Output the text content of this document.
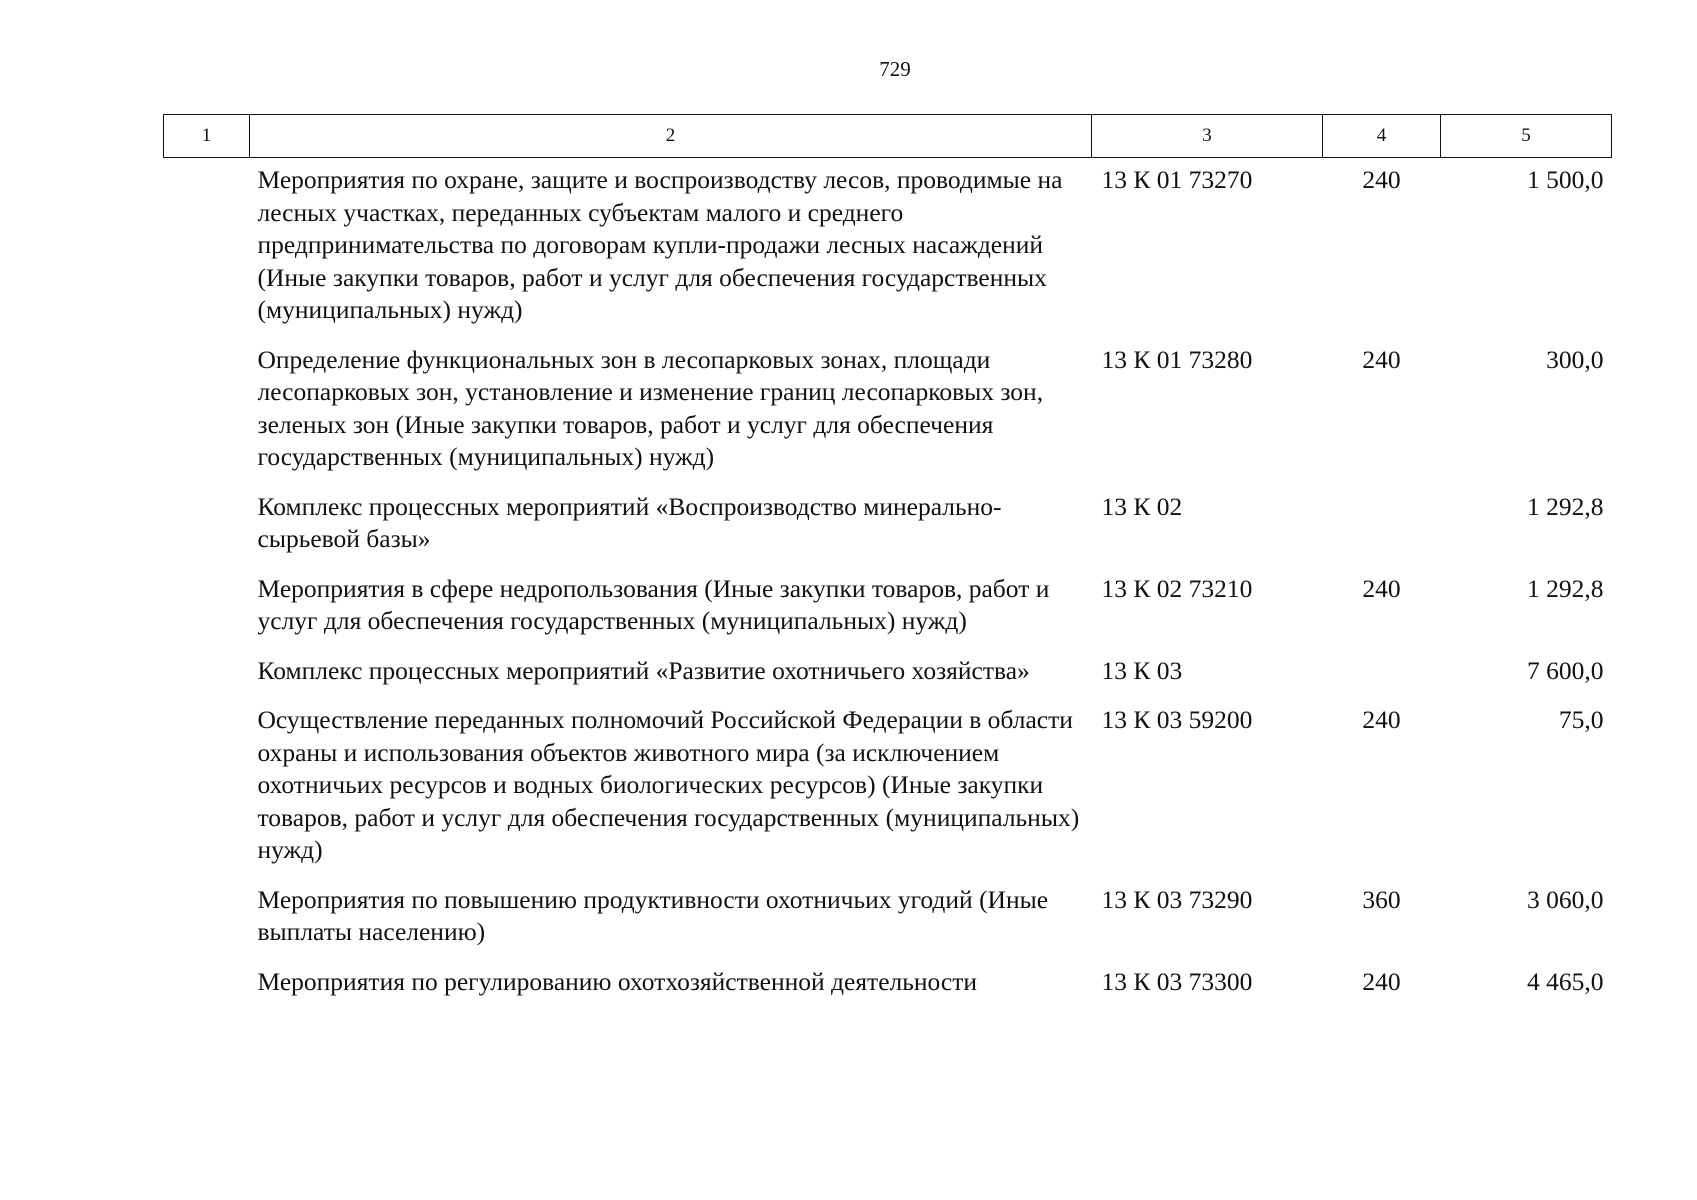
729
1	2	3	4	5
	Мероприятия по охране, защите и воспроизводству лесов, проводимые на лесных участках, переданных субъектам малого и среднего предпринимательства по договорам купли-продажи лесных насаждений (Иные закупки товаров, работ и услуг для обеспечения государственных (муниципальных) нужд)	13 К 01 73270	240	1 500,0
	Определение функциональных зон в лесопарковых зонах, площади лесопарковых зон, установление и изменение границ лесопарковых зон, зеленых зон (Иные закупки товаров, работ и услуг для обеспечения государственных (муниципальных) нужд)	13 К 01 73280	240	300,0
	Комплекс процессных мероприятий «Воспроизводство минерально-сырьевой базы»	13 К 02		1 292,8
	Мероприятия в сфере недропользования (Иные закупки товаров, работ и услуг для обеспечения государственных (муниципальных) нужд)	13 К 02 73210	240	1 292,8
	Комплекс процессных мероприятий «Развитие охотничьего хозяйства»	13 К 03		7 600,0
	Осуществление переданных полномочий Российской Федерации в области охраны и использования объектов животного мира (за исключением охотничьих ресурсов и водных биологических ресурсов) (Иные закупки товаров, работ и услуг для обеспечения государственных (муниципальных) нужд)	13 К 03 59200	240	75,0
	Мероприятия по повышению продуктивности охотничьих угодий (Иные выплаты населению)	13 К 03 73290	360	3 060,0
	Мероприятия по регулированию охотхозяйственной деятельности	13 К 03 73300	240	4 465,0
